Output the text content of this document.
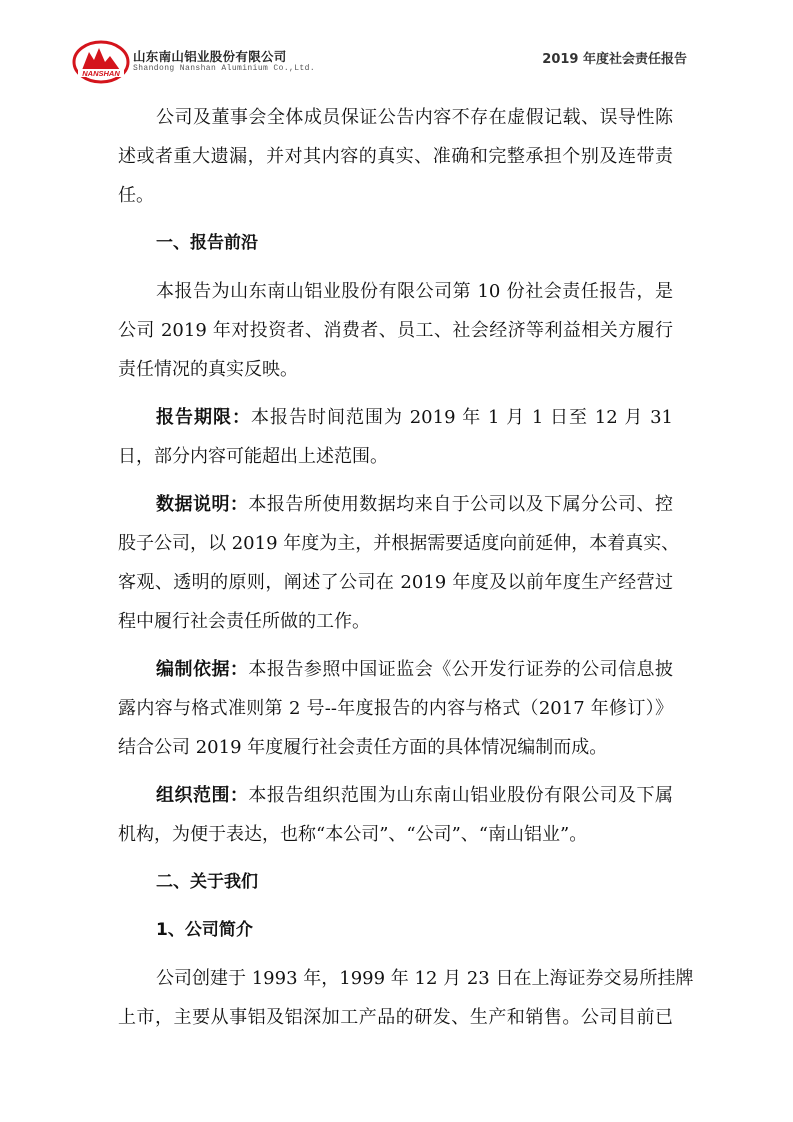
NANSHAN
山东南山铝业股份有限公司
Shandong Nanshan Aluminium Co.,Ltd.
2019 年度社会责任报告
公司及董事会全体成员保证公告内容不存在虚假记载、误导性陈
述或者重大遗漏，并对其内容的真实、准确和完整承担个别及连带责
任。
一、报告前沿
本报告为山东南山铝业股份有限公司第 10 份社会责任报告，是
公司 2019 年对投资者、消费者、员工、社会经济等利益相关方履行
责任情况的真实反映。
报告期限：本报告时间范围为 2019 年 1 月 1 日至 12 月 31
日，部分内容可能超出上述范围。
数据说明：本报告所使用数据均来自于公司以及下属分公司、控
股子公司，以 2019 年度为主，并根据需要适度向前延伸，本着真实、
客观、透明的原则，阐述了公司在 2019 年度及以前年度生产经营过
程中履行社会责任所做的工作。
编制依据：本报告参照中国证监会《公开发行证券的公司信息披
露内容与格式准则第 2 号--年度报告的内容与格式（2017 年修订）》
结合公司 2019 年度履行社会责任方面的具体情况编制而成。
组织范围：本报告组织范围为山东南山铝业股份有限公司及下属
机构，为便于表达，也称“本公司”、“公司”、“南山铝业”。
二、关于我们
1、公司简介
公司创建于 1993 年，1999 年 12 月 23 日在上海证券交易所挂牌
上市，主要从事铝及铝深加工产品的研发、生产和销售。公司目前已
